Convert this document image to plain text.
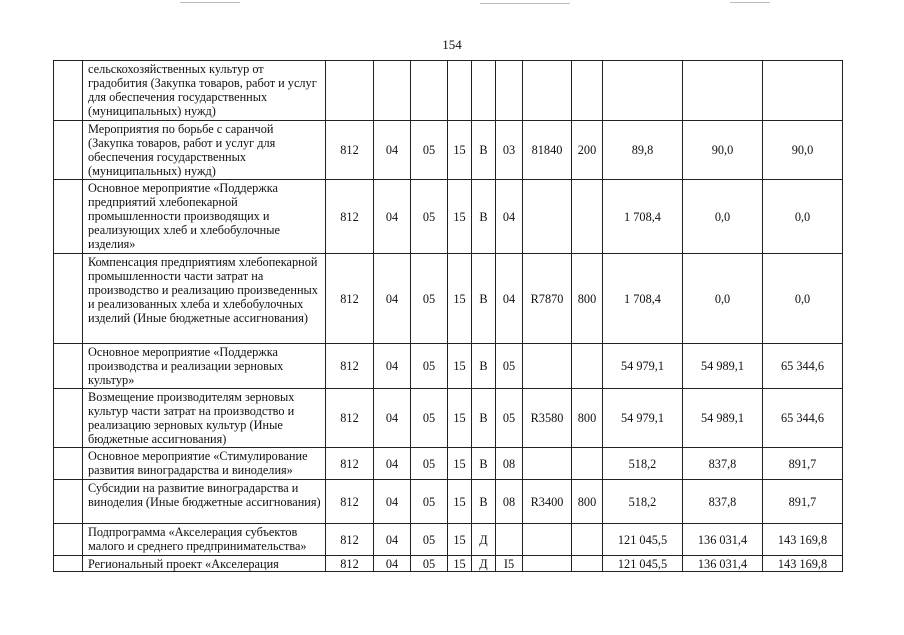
154
	сельскохозяйственных культур от градобития (Закупка товаров, работ и услуг для обеспечения государственных (муниципальных) нужд)											
	Мероприятия по борьбе с саранчой (Закупка товаров, работ и услуг для обеспечения государственных (муниципальных) нужд)	812	04	05	15	В	03	81840	200	89,8	90,0	90,0
	Основное мероприятие «Поддержка предприятий хлебопекарной промышленности производящих и реализующих хлеб и хлебобулочные изделия»	812	04	05	15	В	04			1 708,4	0,0	0,0
	Компенсация предприятиям хлебопекарной промышленности части затрат на производство и реализацию произведенных и реализованных хлеба и хлебобулочных изделий (Иные бюджетные ассигнования)	812	04	05	15	В	04	R7870	800	1 708,4	0,0	0,0
	Основное мероприятие «Поддержка производства и реализации зерновых культур»	812	04	05	15	В	05			54 979,1	54 989,1	65 344,6
	Возмещение производителям зерновых культур части затрат на производство и реализацию зерновых культур (Иные бюджетные ассигнования)	812	04	05	15	В	05	R3580	800	54 979,1	54 989,1	65 344,6
	Основное мероприятие «Стимулирование развития виноградарства и виноделия»	812	04	05	15	В	08			518,2	837,8	891,7
	Субсидии на развитие виноградарства и виноделия (Иные бюджетные ассигнования)	812	04	05	15	В	08	R3400	800	518,2	837,8	891,7
	Подпрограмма «Акселерация субъектов малого и среднего предпринимательства»	812	04	05	15	Д				121 045,5	136 031,4	143 169,8
	Региональный проект «Акселерация	812	04	05	15	Д	I5			121 045,5	136 031,4	143 169,8
